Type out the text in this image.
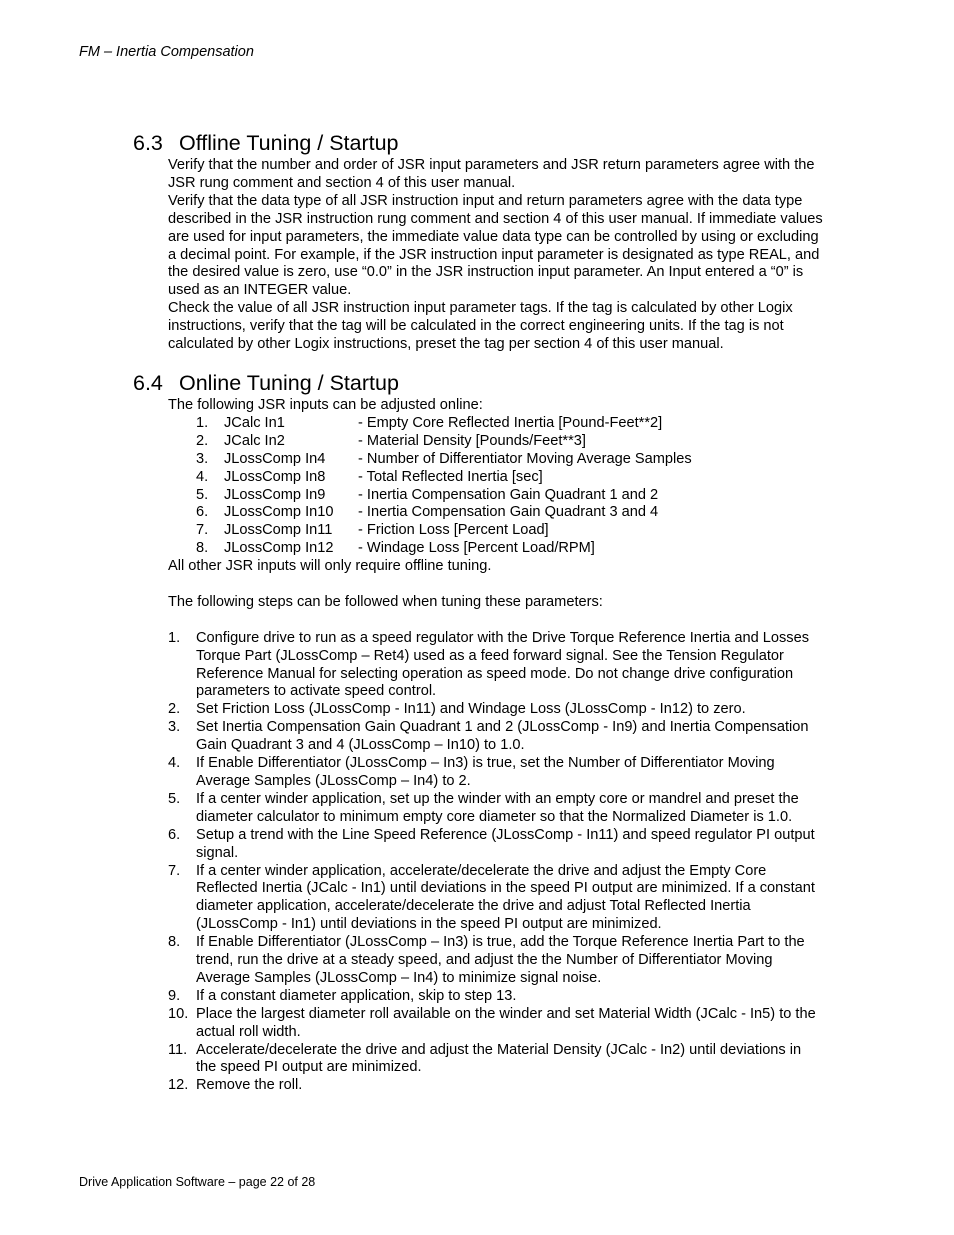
FM – Inertia Compensation
6.3 Offline Tuning / Startup

Verify that the number and order of JSR input parameters and JSR return parameters agree with the JSR rung comment and section 4 of this user manual.

Verify that the data type of all JSR instruction input and return parameters agree with the data type described in the JSR instruction rung comment and section 4 of this user manual. If immediate values are used for input parameters, the immediate value data type can be controlled by using or excluding a decimal point. For example, if the JSR instruction input parameter is designated as type REAL, and the desired value is zero, use “0.0” in the JSR instruction input parameter. An Input entered a “0” is used as an INTEGER value.

Check the value of all JSR instruction input parameter tags. If the tag is calculated by other Logix instructions, verify that the tag will be calculated in the correct engineering units. If the tag is not calculated by other Logix instructions, preset the tag per section 4 of this user manual.

6.4 Online Tuning / Startup

The following JSR inputs can be adjusted online:

1.	JCalc In1	- Empty Core Reflected Inertia [Pound-Feet**2]
2.	JCalc In2	- Material Density [Pounds/Feet**3]
3.	JLossComp In4	- Number of Differentiator Moving Average Samples
4.	JLossComp In8	- Total Reflected Inertia [sec]
5.	JLossComp In9	- Inertia Compensation Gain Quadrant 1 and 2
6.	JLossComp In10	- Inertia Compensation Gain Quadrant 3 and 4
7.	JLossComp In11	- Friction Loss [Percent Load]
8.	JLossComp In12	- Windage Loss [Percent Load/RPM]

All other JSR inputs will only require offline tuning.

The following steps can be followed when tuning these parameters:

1.	Configure drive to run as a speed regulator with the Drive Torque Reference Inertia and Losses Torque Part (JLossComp – Ret4) used as a feed forward signal. See the Tension Regulator Reference Manual for selecting operation as speed mode. Do not change drive configuration parameters to activate speed control.
2.	Set Friction Loss (JLossComp - In11) and Windage Loss (JLossComp - In12) to zero.
3.	Set Inertia Compensation Gain Quadrant 1 and 2 (JLossComp - In9) and Inertia Compensation Gain Quadrant 3 and 4 (JLossComp – In10) to 1.0.
4.	If Enable Differentiator (JLossComp – In3) is true, set the Number of Differentiator Moving Average Samples (JLossComp – In4) to 2.
5.	If a center winder application, set up the winder with an empty core or mandrel and preset the diameter calculator to minimum empty core diameter so that the Normalized Diameter is 1.0.
6.	Setup a trend with the Line Speed Reference (JLossComp - In11) and speed regulator PI output signal.
7.	If a center winder application, accelerate/decelerate the drive and adjust the Empty Core Reflected Inertia (JCalc - In1) until deviations in the speed PI output are minimized. If a constant diameter application, accelerate/decelerate the drive and adjust Total Reflected Inertia (JLossComp - In1) until deviations in the speed PI output are minimized.
8.	If Enable Differentiator (JLossComp – In3) is true, add the Torque Reference Inertia Part to the trend, run the drive at a steady speed, and adjust the the Number of Differentiator Moving Average Samples (JLossComp – In4) to minimize signal noise.
9.	If a constant diameter application, skip to step 13.
10. Place the largest diameter roll available on the winder and set Material Width (JCalc - In5) to the actual roll width.
11. Accelerate/decelerate the drive and adjust the Material Density (JCalc - In2) until deviations in the speed PI output are minimized.
12. Remove the roll.
Drive Application Software – page 22 of 28
